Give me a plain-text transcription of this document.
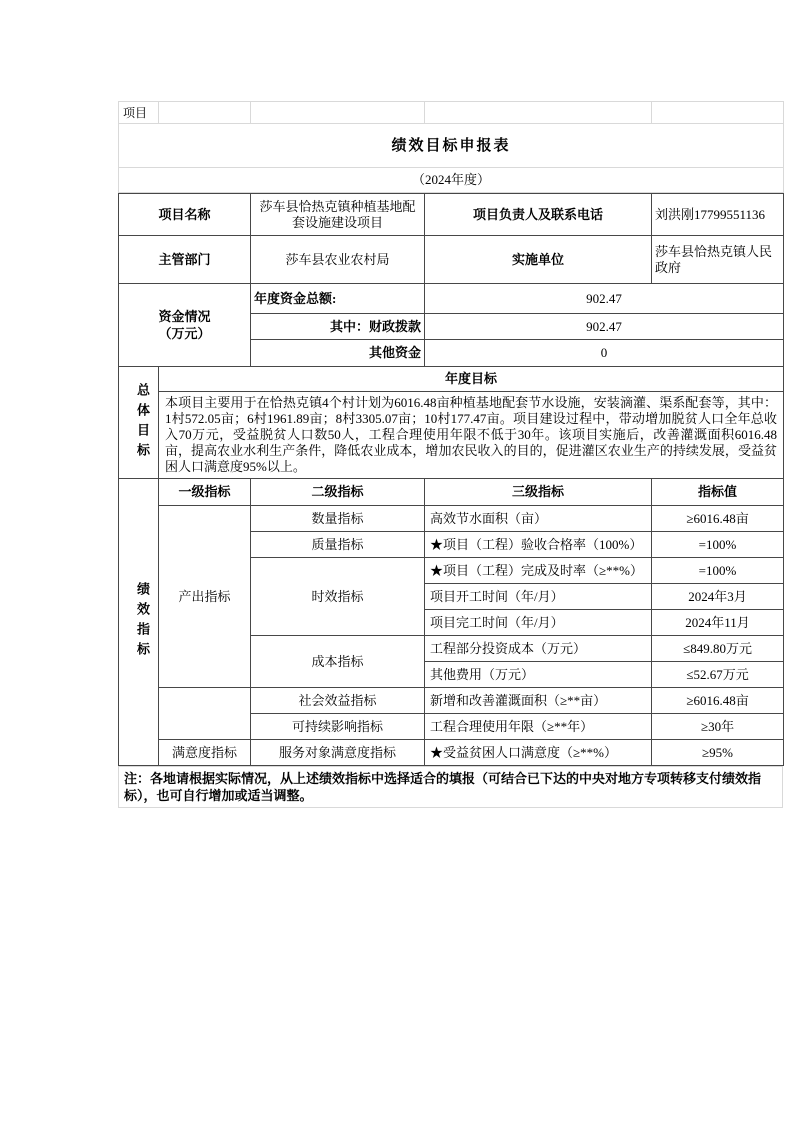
项目				
绩效目标申报表
（2024年度）
项目名称		莎车县恰热克镇种植基地配套设施建设项目	项目负责人及联系电话	刘洪刚17799551136
主管部门		莎车县农业农村局	实施单位	莎车县恰热克镇人民政府

资金情况（万元）		年度资金总额:	902.47	
		其中：财政拨款	902.47	
		其他资金	0	

总体目标	年度目标			
	本项目主要用于在恰热克镇4个村计划为6016.48亩种植基地配套节水设施，安装滴灌、渠系配套等，其中：1村572.05亩；6村1961.89亩；8村3305.07亩；10村177.47亩。项目建设过程中，带动增加脱贫人口全年总收入70万元，受益脱贫人口数50人，工程合理使用年限不低于30年。该项目实施后，改善灌溉面积6016.48亩，提高农业水利生产条件，降低农业成本，增加农民收入的目的，促进灌区农业生产的持续发展，受益贫困人口满意度95%以上。			

绩效指标	一级指标	二级指标	三级指标	指标值
	产出指标	数量指标	高效节水面积（亩）	≥6016.48亩
		质量指标	★项目（工程）验收合格率（100%）	=100%
		时效指标	★项目（工程）完成及时率（≥**%）	=100%
			项目开工时间（年/月）	2024年3月
			项目完工时间（年/月）	2024年11月
		成本指标	工程部分投资成本（万元）	≤849.80万元
			其他费用（万元）	≤52.67万元
		社会效益指标	新增和改善灌溉面积（≥**亩）	≥6016.48亩
		可持续影响指标	工程合理使用年限（≥**年）	≥30年
	满意度指标	服务对象满意度指标	★受益贫困人口满意度（≥**%）	≥95%
注：各地请根据实际情况，从上述绩效指标中选择适合的填报（可结合已下达的中央对地方专项转移支付绩效指标），也可自行增加或适当调整。
